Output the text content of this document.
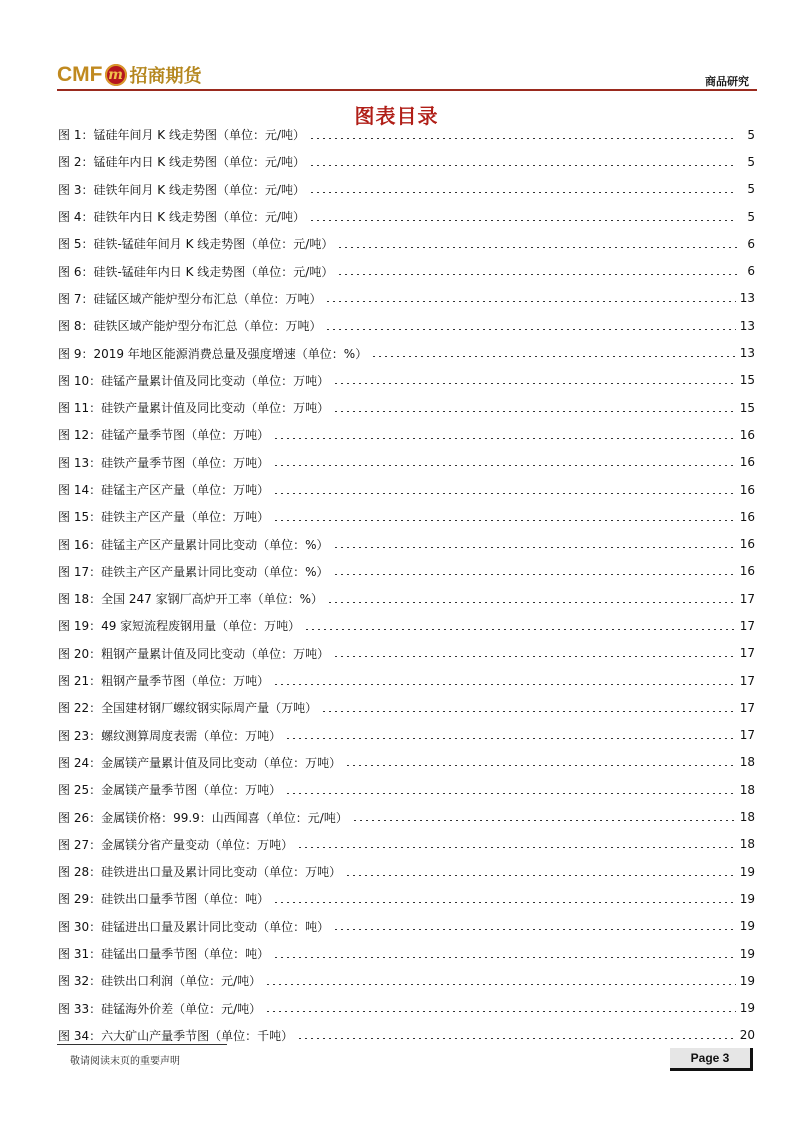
CMF m 招商期货	商品研究
图表目录
图 1：锰硅年间月 K 线走势图（单位：元/吨）	5
图 2：锰硅年内日 K 线走势图（单位：元/吨）	5
图 3：硅铁年间月 K 线走势图（单位：元/吨）	5
图 4：硅铁年内日 K 线走势图（单位：元/吨）	5
图 5：硅铁-锰硅年间月 K 线走势图（单位：元/吨）	6
图 6：硅铁-锰硅年内日 K 线走势图（单位：元/吨）	6
图 7：硅锰区域产能炉型分布汇总（单位：万吨）	13
图 8：硅铁区域产能炉型分布汇总（单位：万吨）	13
图 9：2019 年地区能源消费总量及强度增速（单位：%）	13
图 10：硅锰产量累计值及同比变动（单位：万吨）	15
图 11：硅铁产量累计值及同比变动（单位：万吨）	15
图 12：硅锰产量季节图（单位：万吨）	16
图 13：硅铁产量季节图（单位：万吨）	16
图 14：硅锰主产区产量（单位：万吨）	16
图 15：硅铁主产区产量（单位：万吨）	16
图 16：硅锰主产区产量累计同比变动（单位：%）	16
图 17：硅铁主产区产量累计同比变动（单位：%）	16
图 18：全国 247 家钢厂高炉开工率（单位：%）	17
图 19：49 家短流程废钢用量（单位：万吨）	17
图 20：粗钢产量累计值及同比变动（单位：万吨）	17
图 21：粗钢产量季节图（单位：万吨）	17
图 22：全国建材钢厂螺纹钢实际周产量（万吨）	17
图 23：螺纹测算周度表需（单位：万吨）	17
图 24：金属镁产量累计值及同比变动（单位：万吨）	18
图 25：金属镁产量季节图（单位：万吨）	18
图 26：金属镁价格：99.9：山西闻喜（单位：元/吨）	18
图 27：金属镁分省产量变动（单位：万吨）	18
图 28：硅铁进出口量及累计同比变动（单位：万吨）	19
图 29：硅铁出口量季节图（单位：吨）	19
图 30：硅锰进出口量及累计同比变动（单位：吨）	19
图 31：硅锰出口量季节图（单位：吨）	19
图 32：硅铁出口利润（单位：元/吨）	19
图 33：硅锰海外价差（单位：元/吨）	19
图 34：六大矿山产量季节图（单位：千吨）	20
敬请阅读末页的重要声明	Page 3
